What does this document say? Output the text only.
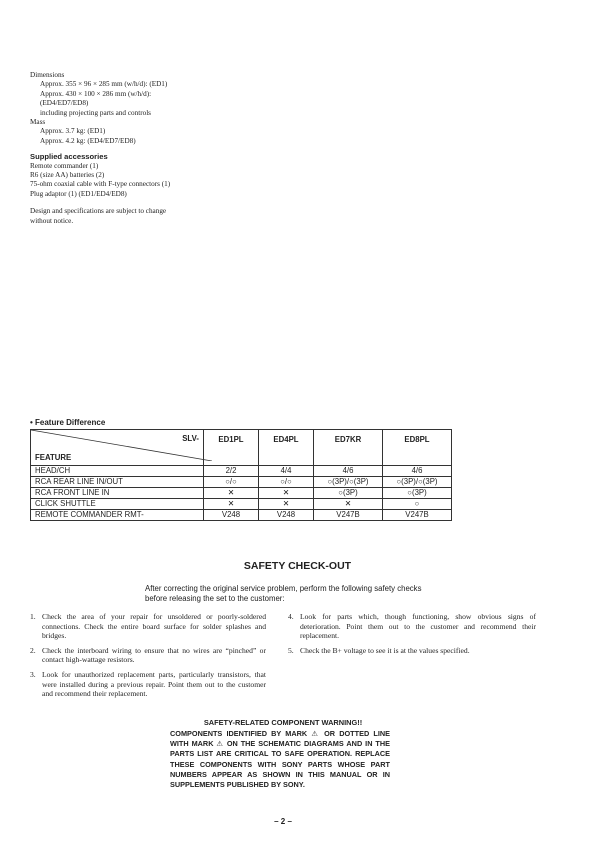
Dimensions
Approx. 355 × 96 × 285 mm (w/h/d): (ED1)
Approx. 430 × 100 × 286 mm (w/h/d):
(ED4/ED7/ED8)
including projecting parts and controls
Mass
Approx. 3.7 kg: (ED1)
Approx. 4.2 kg: (ED4/ED7/ED8)
Supplied accessories
Remote commander (1)
R6 (size AA) batteries (2)
75-ohm coaxial cable with F-type connectors (1)
Plug adaptor (1) (ED1/ED4/ED8)
Design and specifications are subject to change
without notice.
• Feature Difference
SLV-
FEATURE	ED1PL	ED4PL	ED7KR	ED8PL
HEAD/CH	2/2	4/4	4/6	4/6
RCA REAR LINE IN/OUT	○/○	○/○	○(3P)/○(3P)	○(3P)/○(3P)
RCA FRONT LINE IN	✕	✕	○(3P)	○(3P)
CLICK SHUTTLE	✕	✕	✕	○
REMOTE COMMANDER RMT-	V248	V248	V247B	V247B
SAFETY CHECK-OUT
After correcting the original service problem, perform the following safety checks before releasing the set to the customer:
1. Check the area of your repair for unsoldered or poorly-soldered connections. Check the entire board surface for solder splashes and bridges.
2. Check the interboard wiring to ensure that no wires are “pinched” or contact high-wattage resistors.
3. Look for unauthorized replacement parts, particularly transistors, that were installed during a previous repair. Point them out to the customer and recommend their replacement.
4. Look for parts which, though functioning, show obvious signs of deterioration. Point them out to the customer and recommend their replacement.
5. Check the B+ voltage to see it is at the values specified.
SAFETY-RELATED COMPONENT WARNING!!
COMPONENTS IDENTIFIED BY MARK ⚠ OR DOTTED LINE WITH MARK ⚠ ON THE SCHEMATIC DIAGRAMS AND IN THE PARTS LIST ARE CRITICAL TO SAFE OPERATION. REPLACE THESE COMPONENTS WITH SONY PARTS WHOSE PART NUMBERS APPEAR AS SHOWN IN THIS MANUAL OR IN SUPPLEMENTS PUBLISHED BY SONY.
– 2 –
